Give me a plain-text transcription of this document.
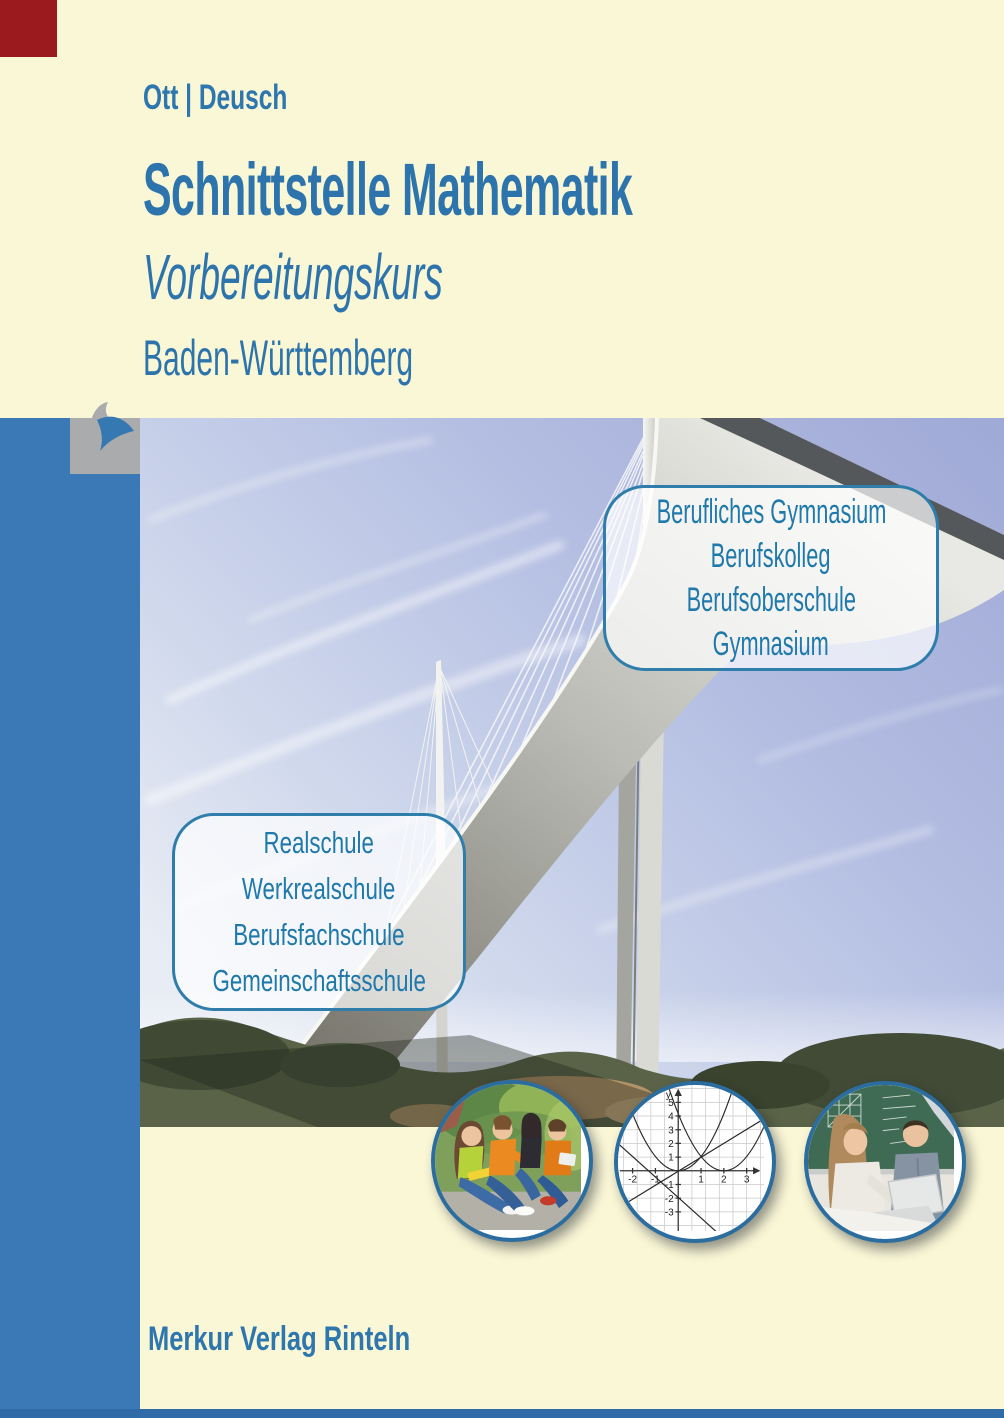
Ott | Deusch
Schnittstelle Mathematik
Vorbereitungskurs
Baden-Württemberg
Berufliches Gymnasium
Berufskolleg
Berufsoberschule
Gymnasium
Realschule
Werkrealschule
Berufsfachschule
Gemeinschaftsschule
y
5
4
3
2
1
-1
-2
-3
-2 -1	1 2 3
Merkur Verlag Rinteln
